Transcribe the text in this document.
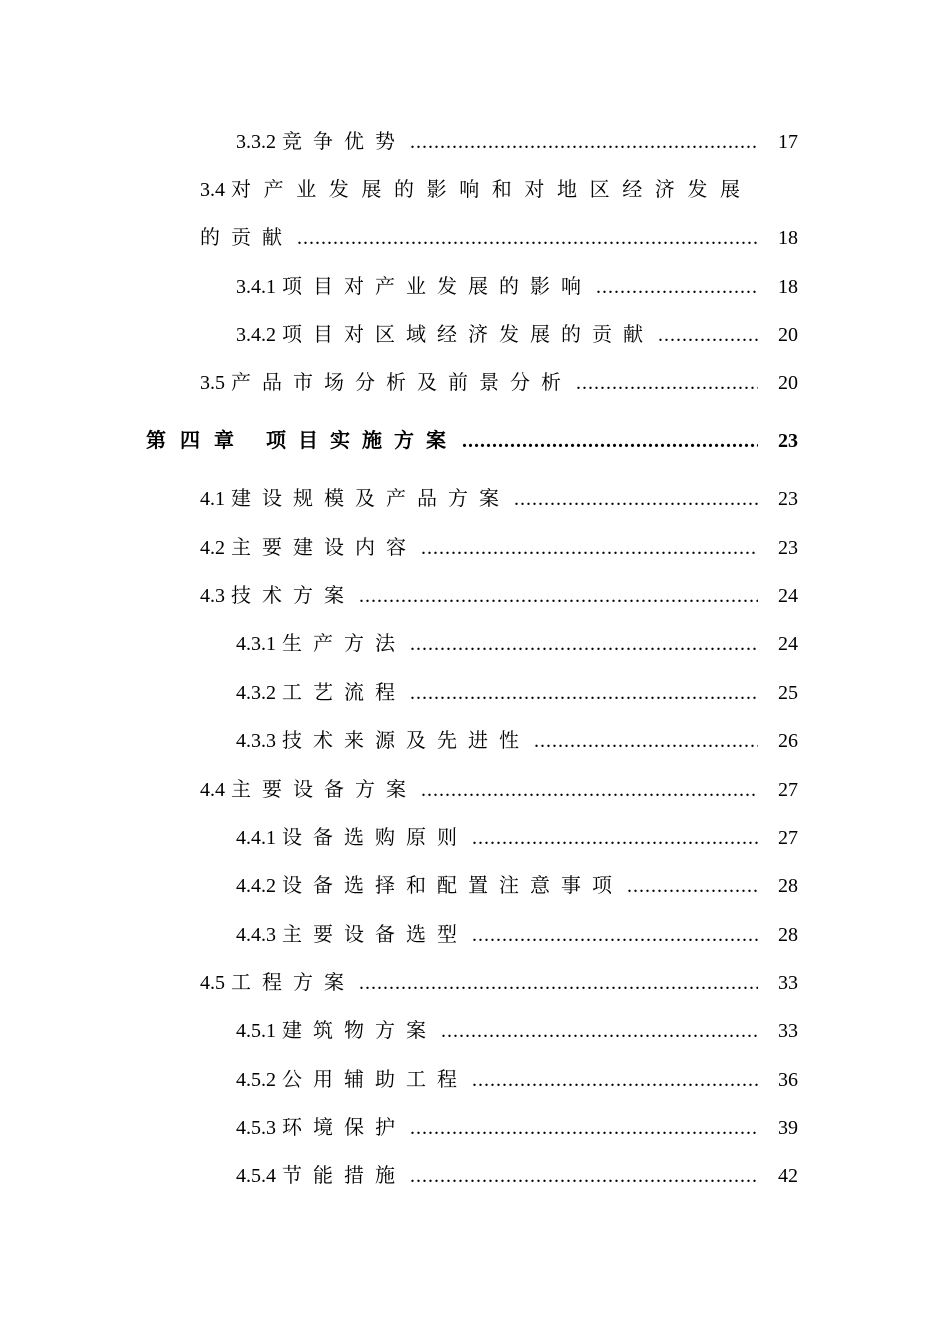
3.3.2 竞争优势 .....	17
3.4 对产业发展的影响和对地区经济发展
的贡献 .....	18
3.4.1 项目对产业发展的影响 .....	18
3.4.2 项目对区域经济发展的贡献 .....	20
3.5 产品市场分析及前景分析 .....	20
第四章 项目实施方案 .....	23
4.1 建设规模及产品方案 .....	23
4.2 主要建设内容 .....	23
4.3 技术方案 .....	24
4.3.1 生产方法 .....	24
4.3.2 工艺流程 .....	25
4.3.3 技术来源及先进性 .....	26
4.4 主要设备方案 .....	27
4.4.1 设备选购原则 .....	27
4.4.2 设备选择和配置注意事项 .....	28
4.4.3 主要设备选型 .....	28
4.5 工程方案 .....	33
4.5.1 建筑物方案 .....	33
4.5.2 公用辅助工程 .....	36
4.5.3 环境保护 .....	39
4.5.4 节能措施 .....	42
